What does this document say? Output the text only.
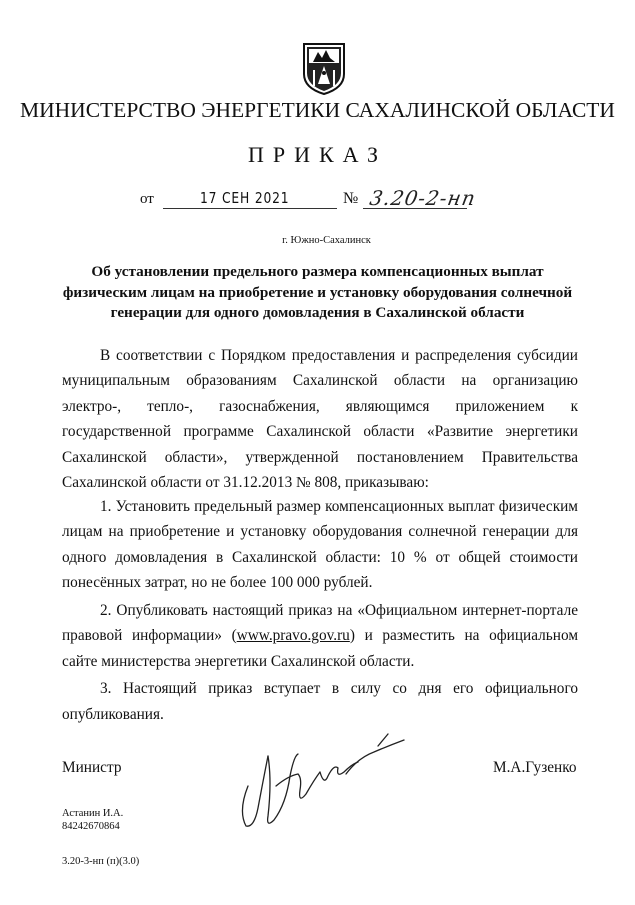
МИНИСТЕРСТВО ЭНЕРГЕТИКИ САХАЛИНСКОЙ ОБЛАСТИ
ПРИКАЗ
от	17 СЕН 2021	№ 3.20-2-нп
г. Южно-Сахалинск
Об установлении предельного размера компенсационных выплат физическим лицам на приобретение и установку оборудования солнечной генерации для одного домовладения в Сахалинской области
В соответствии с Порядком предоставления и распределения субсидии муниципальным образованиям Сахалинской области на организацию электро-, тепло-, газоснабжения, являющимся приложением к государственной программе Сахалинской области «Развитие энергетики Сахалинской области», утвержденной постановлением Правительства Сахалинской области от 31.12.2013 № 808, приказываю:
1. Установить предельный размер компенсационных выплат физическим лицам на приобретение и установку оборудования солнечной генерации для одного домовладения в Сахалинской области: 10 % от общей стоимости понесённых затрат, но не более 100 000 рублей.
2. Опубликовать настоящий приказ на «Официальном интернет-портале правовой информации» (www.pravo.gov.ru) и разместить на официальном сайте министерства энергетики Сахалинской области.
3. Настоящий приказ вступает в силу со дня его официального
опубликования.
Министр	М.А.Гузенко
Астанин И.А.
84242670864
3.20-3-нп (п)(3.0)
